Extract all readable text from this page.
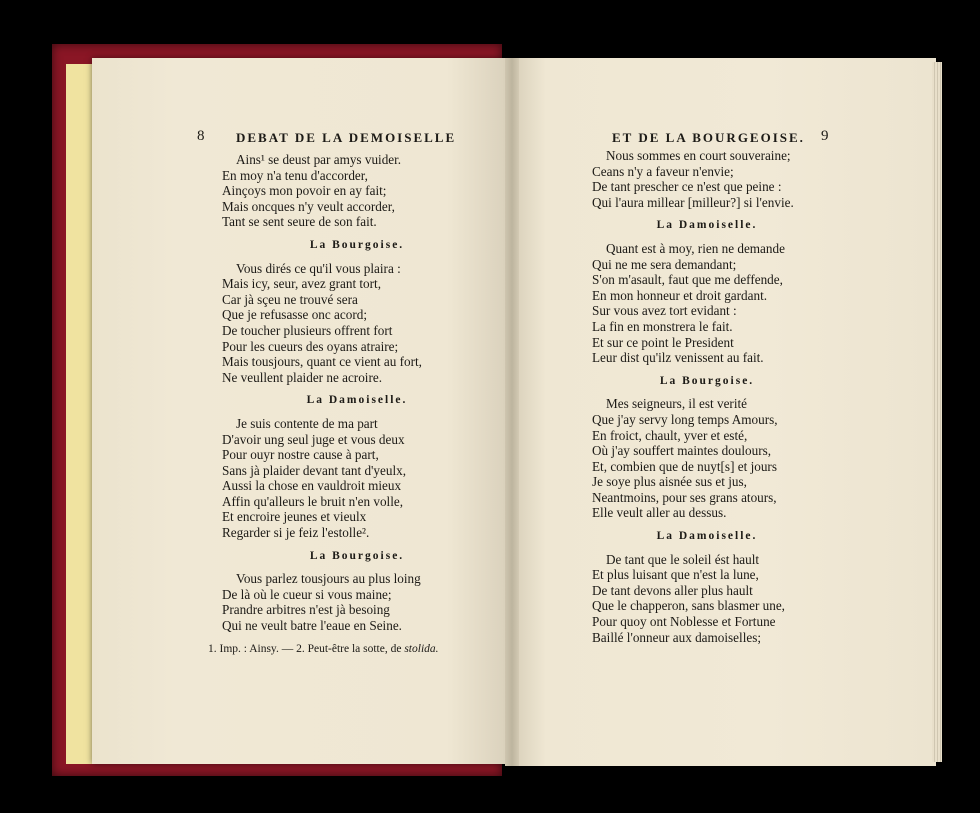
8 DEBAT DE LA DEMOISELLE
Ains¹ se deust par amys vuider.
En moy n'a tenu d'accorder,
Ainçoys mon povoir en ay fait;
Mais oncques n'y veult accorder,
Tant se sent seure de son fait.
La Bourgoise.
Vous dirés ce qu'il vous plaira :
Mais icy, seur, avez grant tort,
Car jà sçeu ne trouvé sera
Que je refusasse onc acord;
De toucher plusieurs offrent fort
Pour les cueurs des oyans atraire;
Mais tousjours, quant ce vient au fort,
Ne veullent plaider ne acroire.
La Damoiselle.
Je suis contente de ma part
D'avoir ung seul juge et vous deux
Pour ouyr nostre cause à part,
Sans jà plaider devant tant d'yeulx,
Aussi la chose en vauldroit mieux
Affin qu'alleurs le bruit n'en volle,
Et encroire jeunes et vieulx
Regarder si je feiz l'estolle².
La Bourgoise.
Vous parlez tousjours au plus loing
De là où le cueur si vous maine;
Prandre arbitres n'est jà besoing
Qui ne veult batre l'eaue en Seine.
1. Imp. : Ainsy. — 2. Peut-être la sotte, de stolida.
ET DE LA BOURGEOISE. 9
Nous sommes en court souveraine;
Ceans n'y a faveur n'envie;
De tant prescher ce n'est que peine :
Qui l'aura millear [milleur?] si l'envie.
La Damoiselle.
Quant est à moy, rien ne demande
Qui ne me sera demandant;
S'on m'asault, faut que me deffende,
En mon honneur et droit gardant.
Sur vous avez tort evidant :
La fin en monstrera le fait.
Et sur ce point le President
Leur dist qu'ilz venissent au fait.
La Bourgoise.
Mes seigneurs, il est verité
Que j'ay servy long temps Amours,
En froict, chault, yver et esté,
Où j'ay souffert maintes doulours,
Et, combien que de nuyt[s] et jours
Je soye plus aisnée sus et jus,
Neantmoins, pour ses grans atours,
Elle veult aller au dessus.
La Damoiselle.
De tant que le soleil ést hault
Et plus luisant que n'est la lune,
De tant devons aller plus hault
Que le chapperon, sans blasmer une,
Pour quoy ont Noblesse et Fortune
Baillé l'onneur aux damoiselles;
